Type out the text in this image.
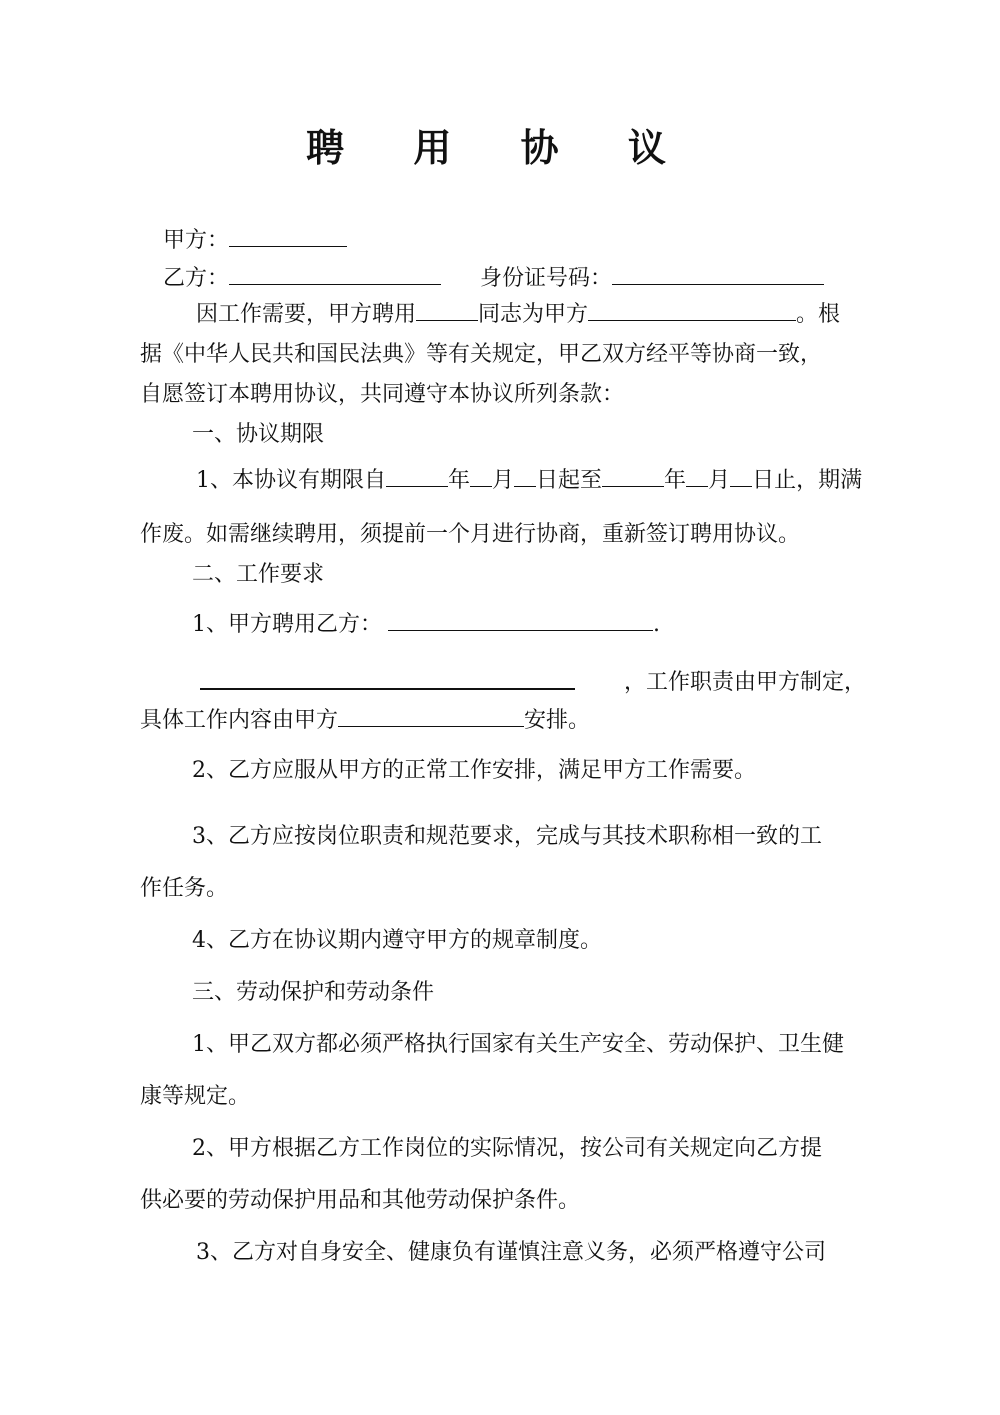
聘 用 协 议
甲方：
乙方：	身份证号码：
因工作需要，甲方聘用	同志为甲方	。根
据《中华人民共和国民法典》等有关规定，甲乙双方经平等协商一致，
自愿签订本聘用协议，共同遵守本协议所列条款：
一、协议期限
1、本协议有期限自	年 月 日起至	年 月 日止，期满
作废。如需继续聘用，须提前一个月进行协商，重新签订聘用协议。
二、工作要求
1、甲方聘用乙方：	.
，工作职责由甲方制定，
具体工作内容由甲方	安排。
2、乙方应服从甲方的正常工作安排，满足甲方工作需要。
3、乙方应按岗位职责和规范要求，完成与其技术职称相一致的工
作任务。
4、乙方在协议期内遵守甲方的规章制度。
三、劳动保护和劳动条件
1、甲乙双方都必须严格执行国家有关生产安全、劳动保护、卫生健
康等规定。
2、甲方根据乙方工作岗位的实际情况，按公司有关规定向乙方提
供必要的劳动保护用品和其他劳动保护条件。
3、乙方对自身安全、健康负有谨慎注意义务，必须严格遵守公司
